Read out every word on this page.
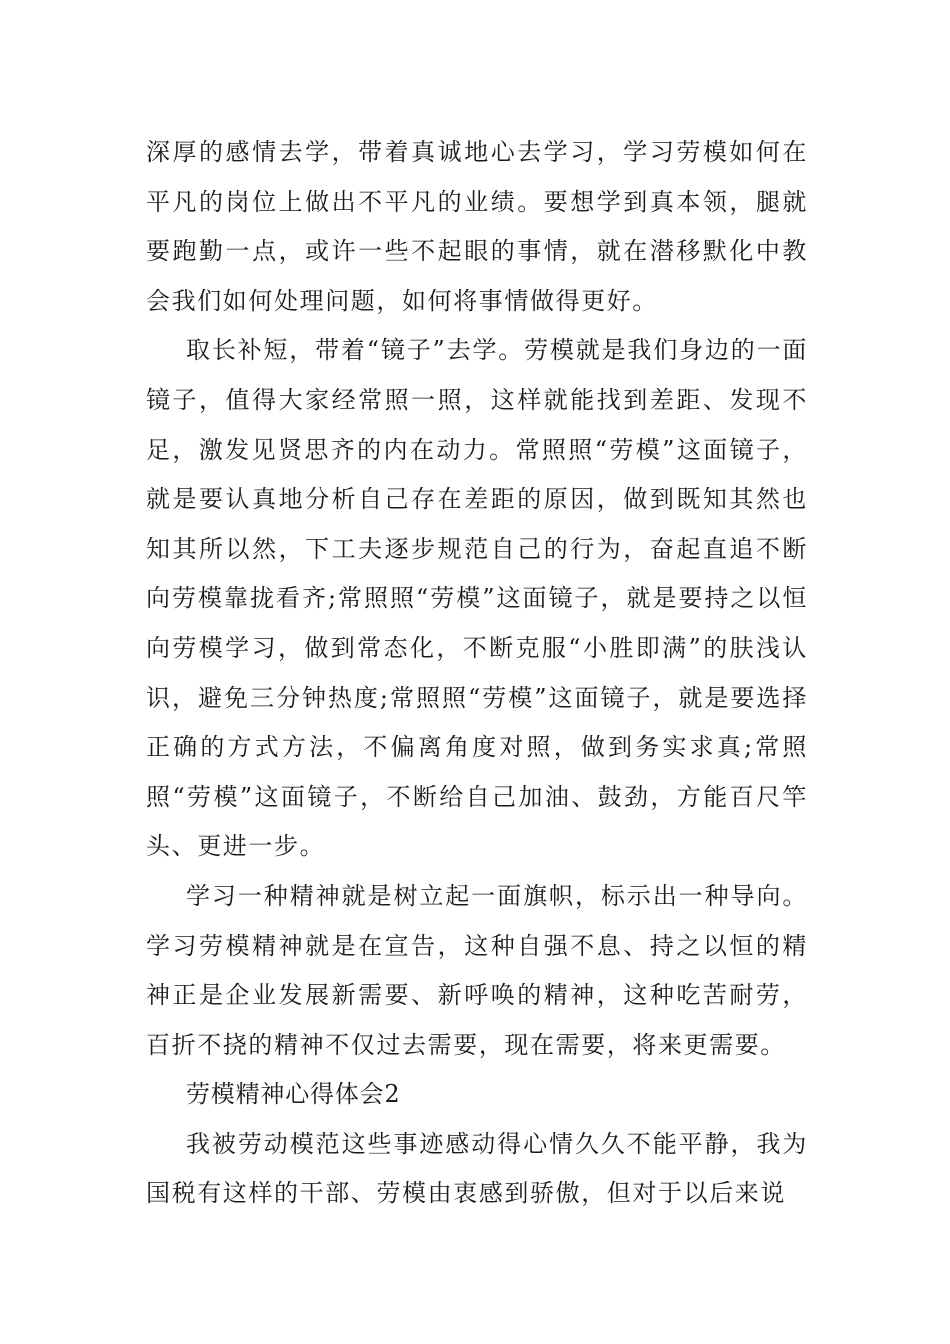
深厚的感情去学，带着真诚地心去学习，学习劳模如何在平凡的岗位上做出不平凡的业绩。要想学到真本领，腿就要跑勤一点，或许一些不起眼的事情，就在潜移默化中教会我们如何处理问题，如何将事情做得更好。

取长补短，带着“镜子”去学。劳模就是我们身边的一面镜子，值得大家经常照一照，这样就能找到差距、发现不足，激发见贤思齐的内在动力。常照照“劳模”这面镜子，就是要认真地分析自己存在差距的原因，做到既知其然也知其所以然，下工夫逐步规范自己的行为，奋起直追不断向劳模靠拢看齐;常照照“劳模”这面镜子，就是要持之以恒向劳模学习，做到常态化，不断克服“小胜即满”的肤浅认识，避免三分钟热度;常照照“劳模”这面镜子，就是要选择正确的方式方法，不偏离角度对照，做到务实求真;常照照“劳模”这面镜子，不断给自己加油、鼓劲，方能百尺竿头、更进一步。

学习一种精神就是树立起一面旗帜，标示出一种导向。学习劳模精神就是在宣告，这种自强不息、持之以恒的精神正是企业发展新需要、新呼唤的精神，这种吃苦耐劳，百折不挠的精神不仅过去需要，现在需要，将来更需要。

劳模精神心得体会2

我被劳动模范这些事迹感动得心情久久不能平静，我为国税有这样的干部、劳模由衷感到骄傲，但对于以后来说
